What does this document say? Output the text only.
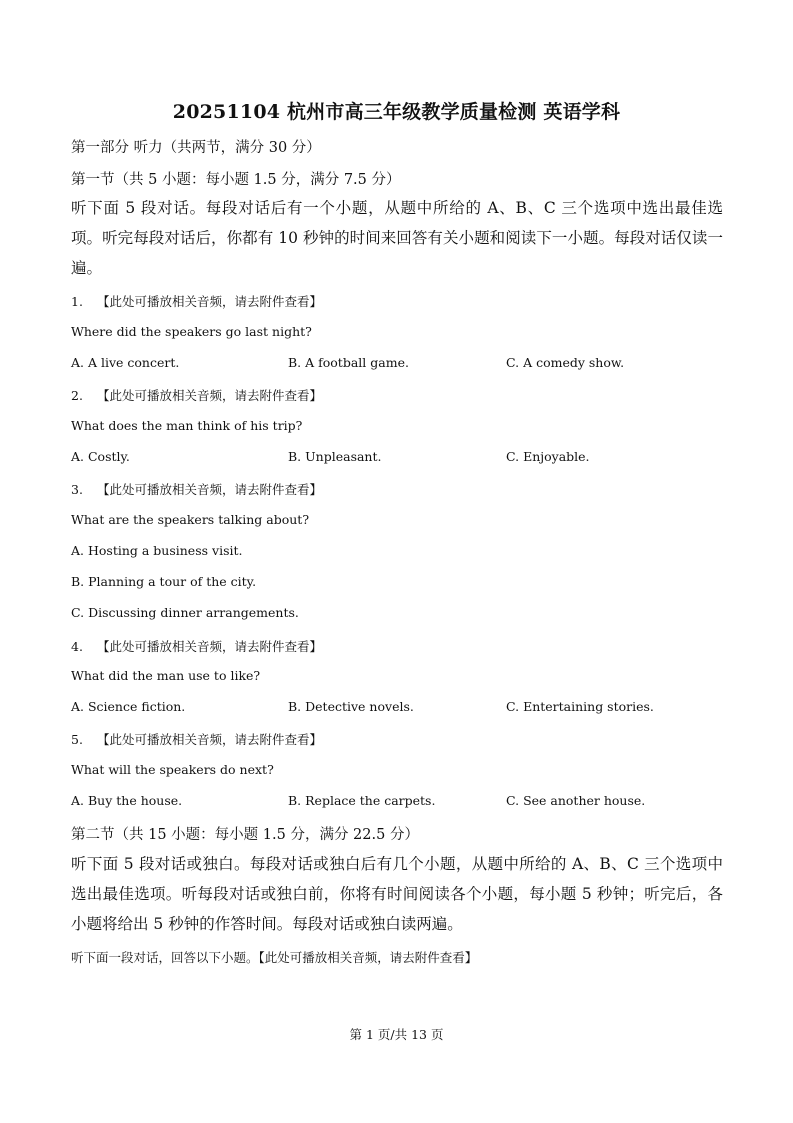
20251104 杭州市高三年级教学质量检测 英语学科
第一部分 听力（共两节，满分 30 分）
第一节（共 5 小题：每小题 1.5 分，满分 7.5 分）
听下面 5 段对话。每段对话后有一个小题，从题中所给的 A、B、C 三个选项中选出最佳选项。听完每段对话后，你都有 10 秒钟的时间来回答有关小题和阅读下一小题。每段对话仅读一遍。
1. 【此处可播放相关音频，请去附件查看】
Where did the speakers go last night?
A. A live concert.	B. A football game.	C. A comedy show.
2. 【此处可播放相关音频，请去附件查看】
What does the man think of his trip?
A. Costly.	B. Unpleasant.	C. Enjoyable.
3. 【此处可播放相关音频，请去附件查看】
What are the speakers talking about?
A. Hosting a business visit.
B. Planning a tour of the city.
C. Discussing dinner arrangements.
4. 【此处可播放相关音频，请去附件查看】
What did the man use to like?
A. Science fiction.	B. Detective novels.	C. Entertaining stories.
5. 【此处可播放相关音频，请去附件查看】
What will the speakers do next?
A. Buy the house.	B. Replace the carpets.	C. See another house.
第二节（共 15 小题：每小题 1.5 分，满分 22.5 分）
听下面 5 段对话或独白。每段对话或独白后有几个小题，从题中所给的 A、B、C 三个选项中选出最佳选项。听每段对话或独白前，你将有时间阅读各个小题，每小题 5 秒钟；听完后，各小题将给出 5 秒钟的作答时间。每段对话或独白读两遍。
听下面一段对话，回答以下小题。【此处可播放相关音频，请去附件查看】
第 1 页/共 13 页
